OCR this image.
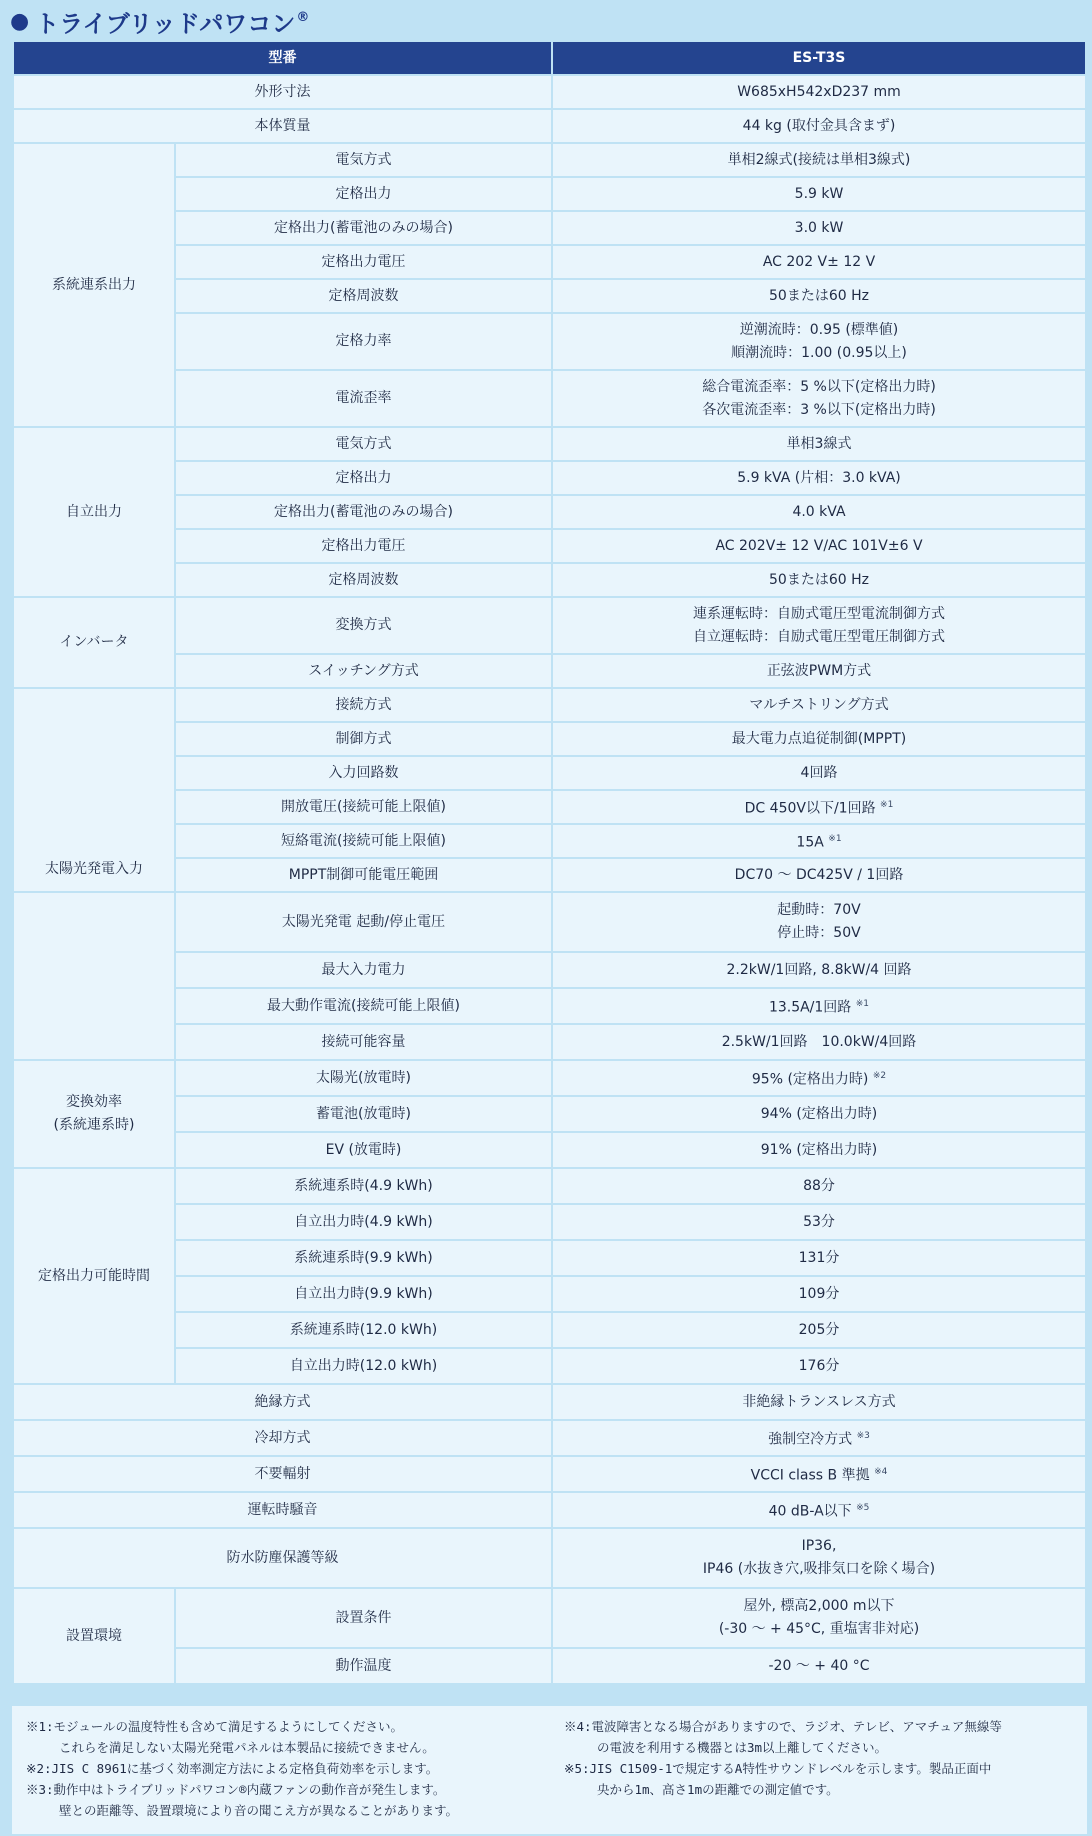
● トライブリッドパワコン®
型番		ES-T3S
外形寸法		W685xH542xD237 mm
本体質量		44 kg (取付金具含まず)
系統連系出力	電気方式	単相2線式(接続は単相3線式)
	定格出力	5.9 kW
	定格出力(蓄電池のみの場合)	3.0 kW
	定格出力電圧	AC 202 V± 12 V
	定格周波数	50または60 Hz
	定格力率	逆潮流時：0.95 (標準値)
順潮流時：1.00 (0.95以上)

	電流歪率	総合電流歪率：5 %以下(定格出力時)
各次電流歪率：3 %以下(定格出力時)

自立出力	電気方式	単相3線式
	定格出力	5.9 kVA (片相：3.0 kVA)
	定格出力(蓄電池のみの場合)	4.0 kVA
	定格出力電圧	AC 202V± 12 V/AC 101V±6 V
	定格周波数	50または60 Hz
インバータ	変換方式	連系運転時：自励式電圧型電流制御方式
自立運転時：自励式電圧型電圧制御方式

	スイッチング方式	正弦波PWM方式
太陽光発電入力	接続方式	マルチストリング方式
	制御方式	最大電力点追従制御(MPPT)
	入力回路数	4回路
	開放電圧(接続可能上限値)	DC 450V以下/1回路 $^{※1}$
	短絡電流(接続可能上限値)	15A $^{※1}$
	MPPT制御可能電圧範囲	DC70 〜 DC425V / 1回路
	太陽光発電 起動/停止電圧	起動時：70V
停止時：50V

	最大入力電力	2.2kW/1回路, 8.8kW/4 回路
	最大動作電流(接続可能上限値)	13.5A/1回路 $^{※1}$
	接続可能容量	2.5kW/1回路　10.0kW/4回路

変換効率
(系統連系時)	太陽光(放電時)	95% (定格出力時) $^{※2}$
	蓄電池(放電時)	94% (定格出力時)
	EV (放電時)	91% (定格出力時)
定格出力可能時間	系統連系時(4.9 kWh)	88分
	自立出力時(4.9 kWh)	53分
	系統連系時(9.9 kWh)	131分
	自立出力時(9.9 kWh)	109分
	系統連系時(12.0 kWh)	205分
	自立出力時(12.0 kWh)	176分
絶縁方式		非絶縁トランスレス方式
冷却方式		強制空冷方式 $^{※3}$
不要輻射		VCCI class B 準拠 $^{※4}$
運転時騒音		40 dB-A以下 $^{※5}$
防水防塵保護等級		IP36,
IP46 (水抜き穴,吸排気口を除く場合)

設置環境	設置条件	屋外, 標高2,000 m以下
(-30 〜 + 45°C, 重塩害非対応)

	動作温度	-20 〜 + 40 °C
※1:モジュールの温度特性も含めて満足するようにしてください。
これらを満足しない太陽光発電パネルは本製品に接続できません。
※2:JIS C 8961に基づく効率測定方法による定格負荷効率を示します。
※3:動作中はトライブリッドパワコン®内蔵ファンの動作音が発生します。
壁との距離等、設置環境により音の聞こえ方が異なることがあります。
※4:電波障害となる場合がありますので、ラジオ、テレビ、アマチュア無線等
の電波を利用する機器とは3m以上離してください。
※5:JIS C1509-1で規定するA特性サウンドレベルを示します。製品正面中
央から1m、高さ1mの距離での測定値です。
